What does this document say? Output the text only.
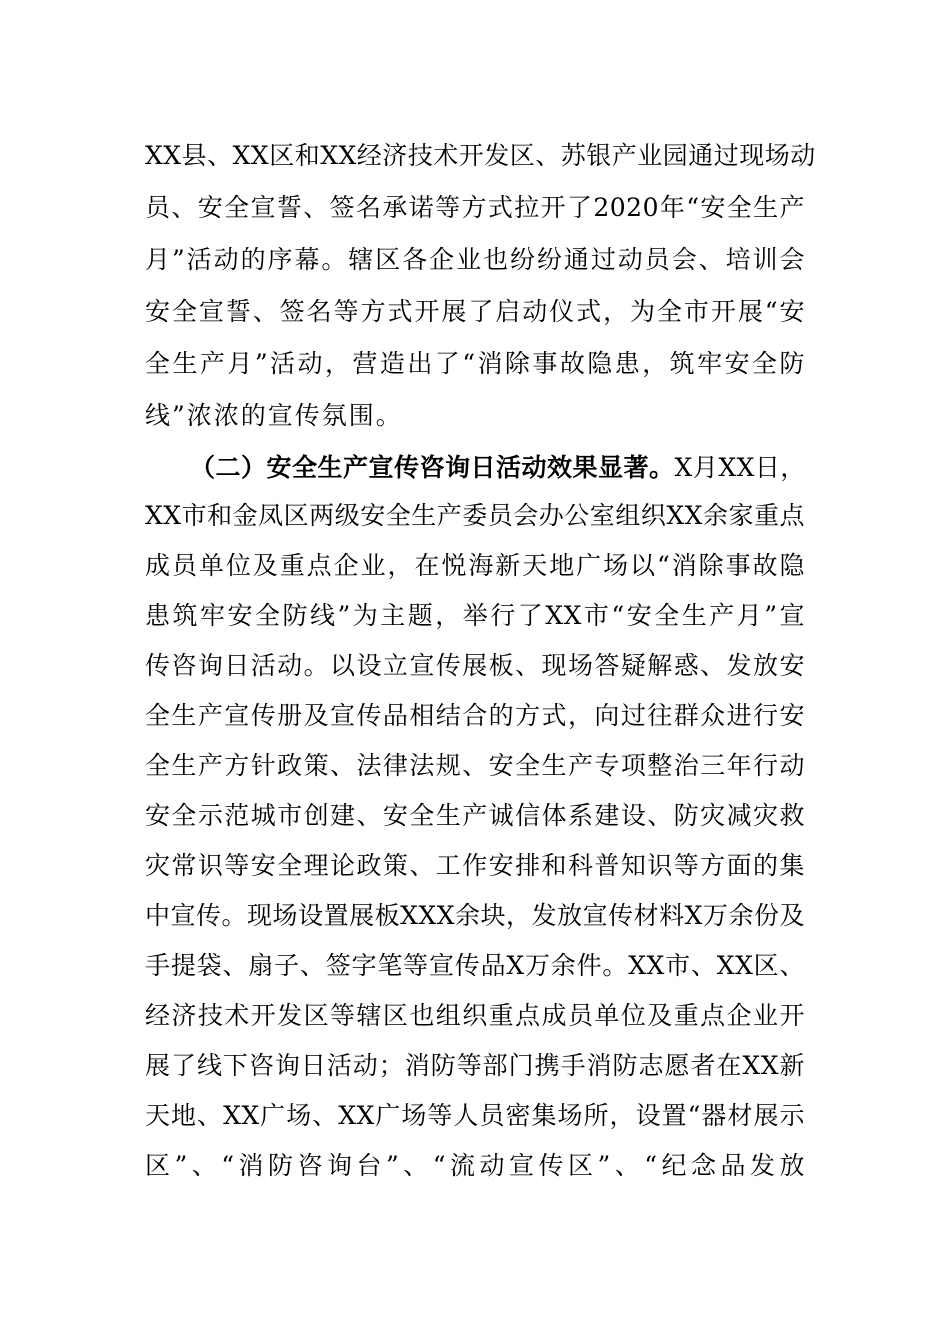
XX县、XX区和XX经济技术开发区、苏银产业园通过现场动
员、安全宣誓、签名承诺等方式拉开了2020年“安全生产
月”活动的序幕。辖区各企业也纷纷通过动员会、培训会
安全宣誓、签名等方式开展了启动仪式，为全市开展“安
全生产月”活动，营造出了“消除事故隐患，筑牢安全防
线”浓浓的宣传氛围。
（二）安全生产宣传咨询日活动效果显著。X月XX日，
XX市和金凤区两级安全生产委员会办公室组织XX余家重点
成员单位及重点企业，在悦海新天地广场以“消除事故隐
患筑牢安全防线”为主题，举行了XX市“安全生产月”宣
传咨询日活动。以设立宣传展板、现场答疑解惑、发放安
全生产宣传册及宣传品相结合的方式，向过往群众进行安
全生产方针政策、法律法规、安全生产专项整治三年行动
安全示范城市创建、安全生产诚信体系建设、防灾减灾救
灾常识等安全理论政策、工作安排和科普知识等方面的集
中宣传。现场设置展板XXX余块，发放宣传材料X万余份及
手提袋、扇子、签字笔等宣传品X万余件。XX市、XX区、
经济技术开发区等辖区也组织重点成员单位及重点企业开
展了线下咨询日活动；消防等部门携手消防志愿者在XX新
天地、XX广场、XX广场等人员密集场所，设置“器材展示
区”、“消防咨询台”、“流动宣传区”、“纪念品发放
